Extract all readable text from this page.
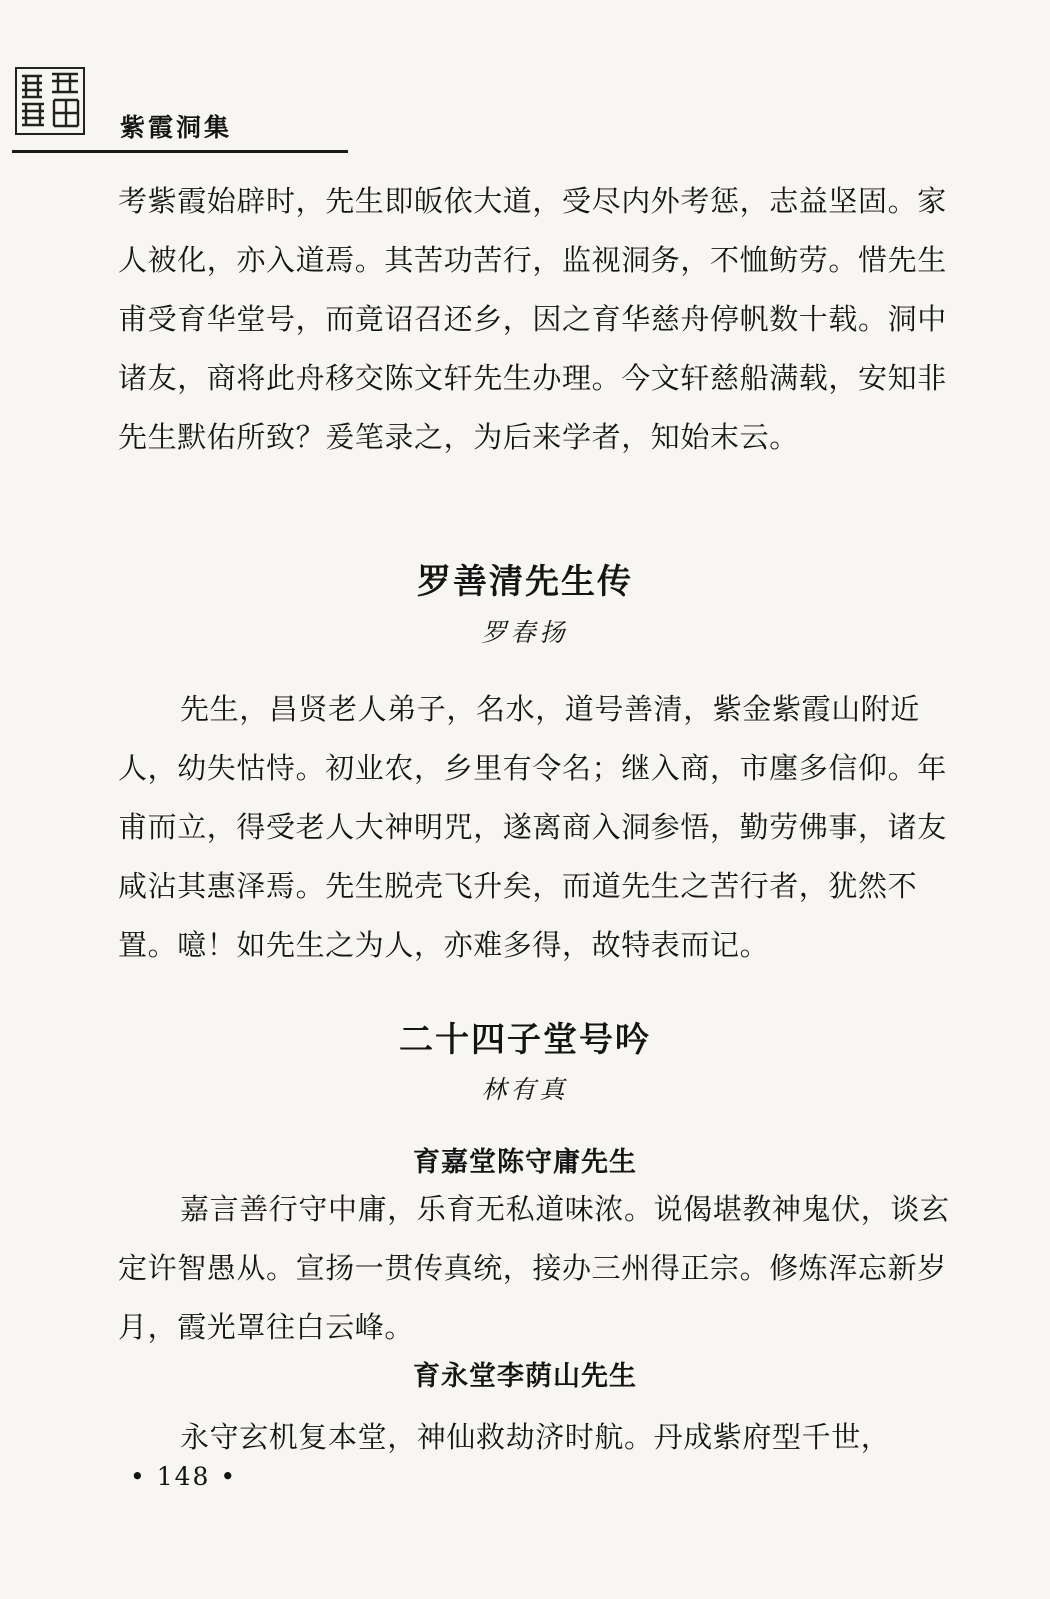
紫霞洞集
考紫霞始辟时，先生即皈依大道，受尽内外考惩，志益坚固。家人被化，亦入道焉。其苦功苦行，监视洞务，不恤鲂劳。惜先生甫受育华堂号，而竟诏召还乡，因之育华慈舟停帆数十载。洞中诸友，商将此舟移交陈文轩先生办理。今文轩慈船满载，安知非先生默佑所致？爰笔录之，为后来学者，知始末云。
罗善清先生传
罗春扬
先生，昌贤老人弟子，名水，道号善清，紫金紫霞山附近人，幼失怙恃。初业农，乡里有令名；继入商，市廛多信仰。年甫而立，得受老人大神明咒，遂离商入洞参悟，勤劳佛事，诸友咸沾其惠泽焉。先生脱壳飞升矣，而道先生之苦行者，犹然不置。噫！如先生之为人，亦难多得，故特表而记。
二十四子堂号吟
林有真
育嘉堂陈守庸先生
嘉言善行守中庸，乐育无私道味浓。说偈堪教神鬼伏，谈玄定许智愚从。宣扬一贯传真统，接办三州得正宗。修炼浑忘新岁月，霞光罩往白云峰。
育永堂李荫山先生
永守玄机复本堂，神仙救劫济时航。丹成紫府型千世，
• 148 •
